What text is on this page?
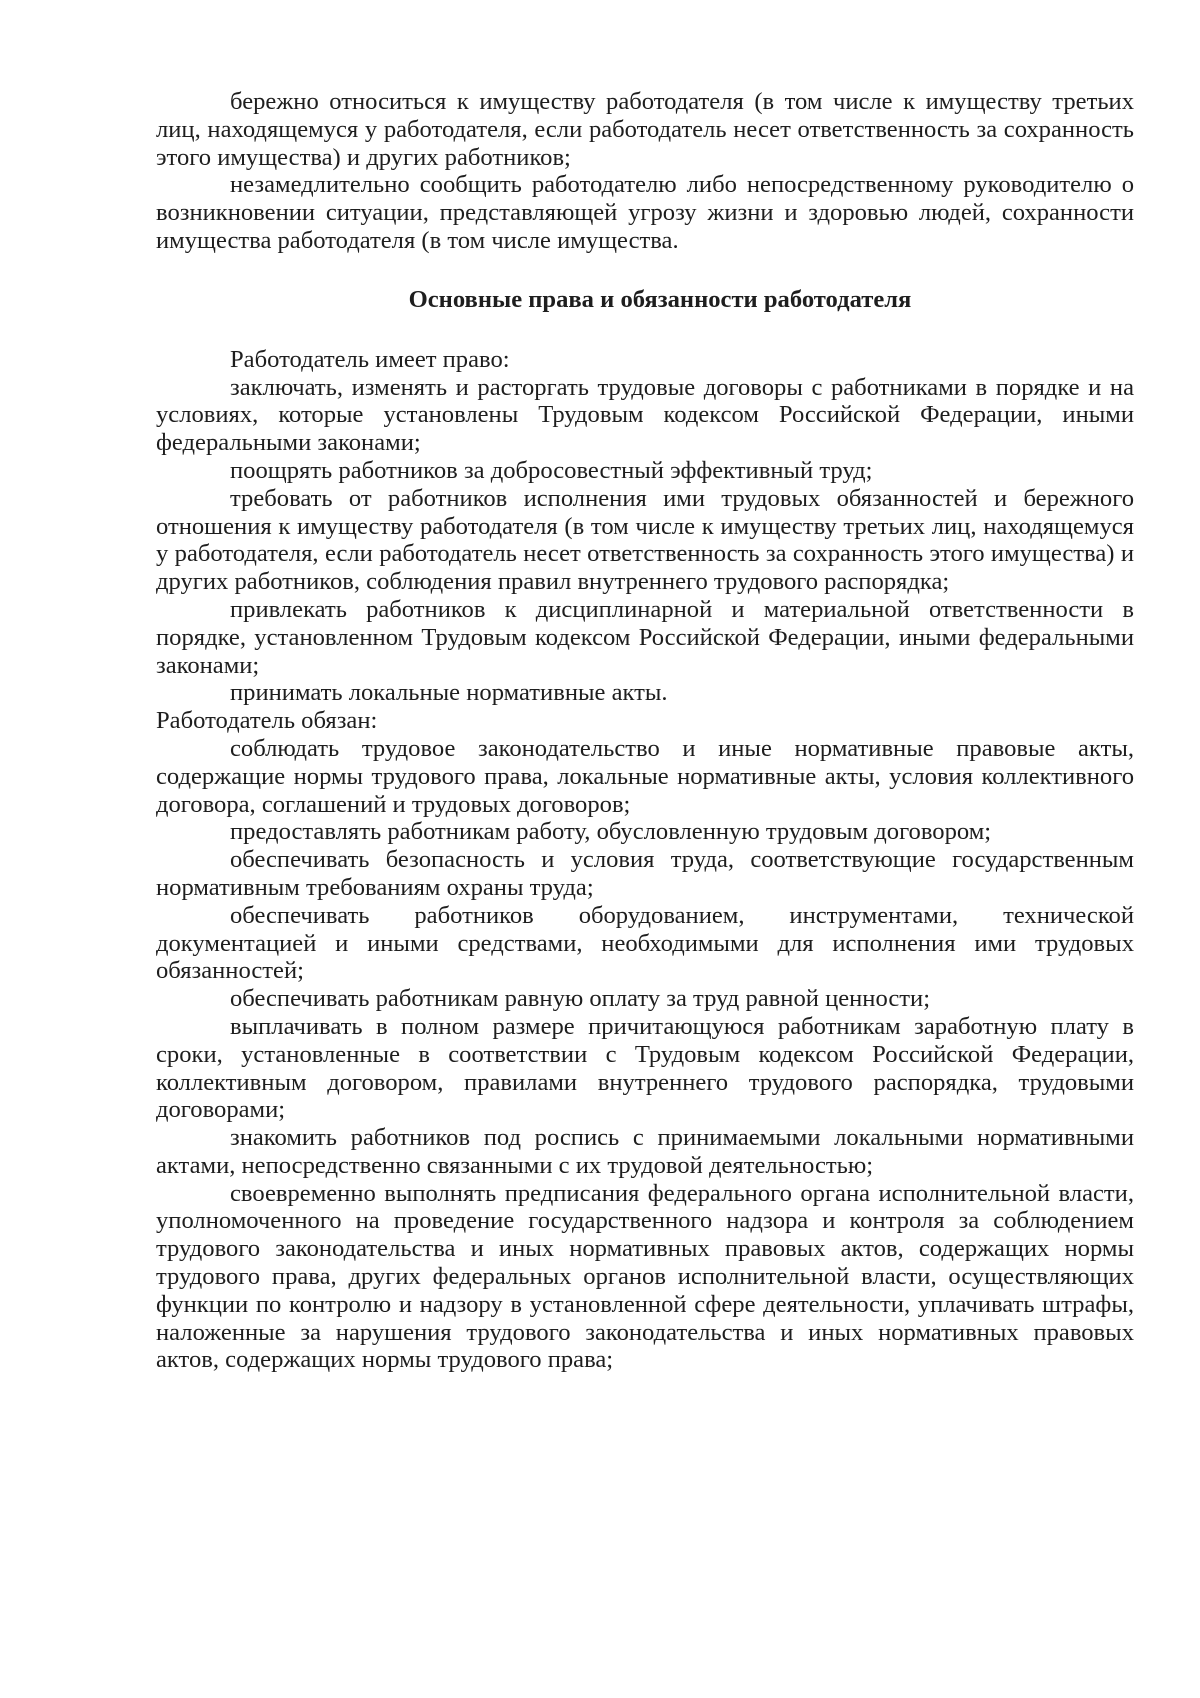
бережно относиться к имуществу работодателя (в том числе к имуществу третьих лиц, находящемуся у работодателя, если работодатель несет ответственность за сохранность этого имущества) и других работников;

незамедлительно сообщить работодателю либо непосредственному руководителю о возникновении ситуации, представляющей угрозу жизни и здоровью людей, сохранности имущества работодателя (в том числе имущества.

Основные права и обязанности работодателя

Работодатель имеет право:

заключать, изменять и расторгать трудовые договоры с работниками в порядке и на условиях, которые установлены Трудовым кодексом Российской Федерации, иными федеральными законами;

поощрять работников за добросовестный эффективный труд;

требовать от работников исполнения ими трудовых обязанностей и бережного отношения к имуществу работодателя (в том числе к имуществу третьих лиц, находящемуся у работодателя, если работодатель несет ответственность за сохранность этого имущества) и других работников, соблюдения правил внутреннего трудового распорядка;

привлекать работников к дисциплинарной и материальной ответственности в порядке, установленном Трудовым кодексом Российской Федерации, иными федеральными законами;

принимать локальные нормативные акты.

Работодатель обязан:

соблюдать трудовое законодательство и иные нормативные правовые акты, содержащие нормы трудового права, локальные нормативные акты, условия коллективного договора, соглашений и трудовых договоров;

предоставлять работникам работу, обусловленную трудовым договором;

обеспечивать безопасность и условия труда, соответствующие государственным нормативным требованиям охраны труда;

обеспечивать работников оборудованием, инструментами, технической документацией и иными средствами, необходимыми для исполнения ими трудовых обязанностей;

обеспечивать работникам равную оплату за труд равной ценности;

выплачивать в полном размере причитающуюся работникам заработную плату в сроки, установленные в соответствии с Трудовым кодексом Российской Федерации, коллективным договором, правилами внутреннего трудового распорядка, трудовыми договорами;

знакомить работников под роспись с принимаемыми локальными нормативными актами, непосредственно связанными с их трудовой деятельностью;

своевременно выполнять предписания федерального органа исполнительной власти, уполномоченного на проведение государственного надзора и контроля за соблюдением трудового законодательства и иных нормативных правовых актов, содержащих нормы трудового права, других федеральных органов исполнительной власти, осуществляющих функции по контролю и надзору в установленной сфере деятельности, уплачивать штрафы, наложенные за нарушения трудового законодательства и иных нормативных правовых актов, содержащих нормы трудового права;
